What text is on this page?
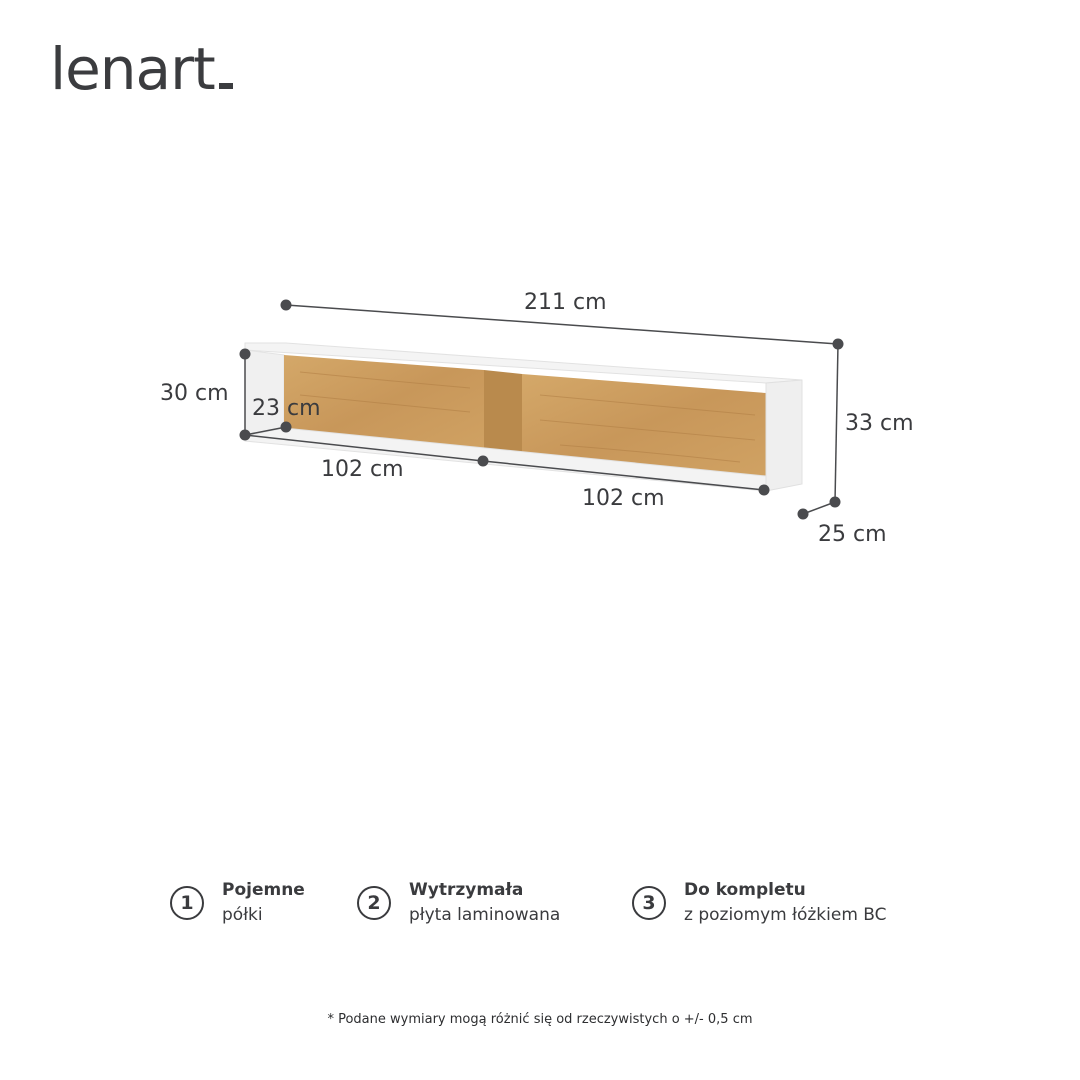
lenart
211 cm
30 cm
23 cm
102 cm
102 cm
33 cm
25 cm
1
Pojemne
półki
2
Wytrzymała
płyta laminowana
3
Do kompletu
z poziomym łóżkiem BC
* Podane wymiary mogą różnić się od rzeczywistych o +/- 0,5 cm
